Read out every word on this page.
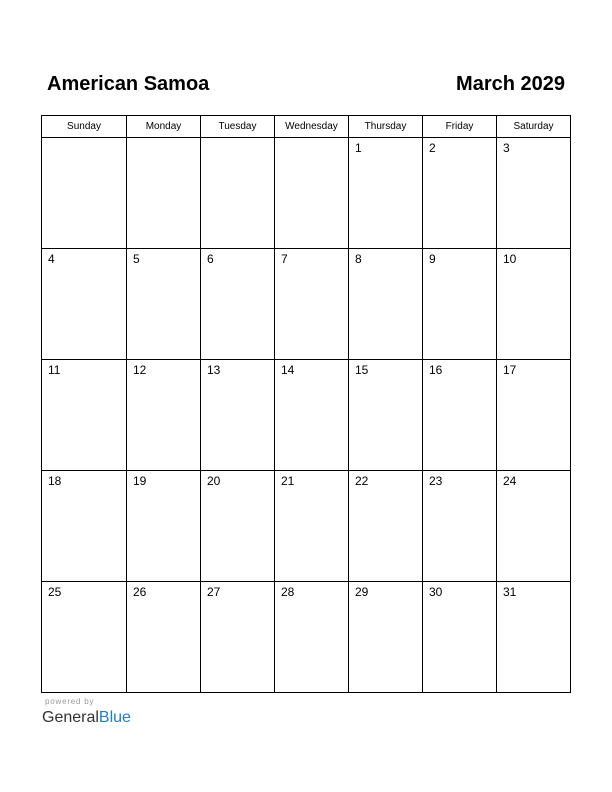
American Samoa	March 2029
Sunday	Monday	Tuesday	Wednesday	Thursday	Friday	Saturday

				1	2	3

4	5	6	7	8	9	10

11	12	13	14	15	16	17

18	19	20	21	22	23	24

25	26	27	28	29	30	31
powered by
GeneralBlue
